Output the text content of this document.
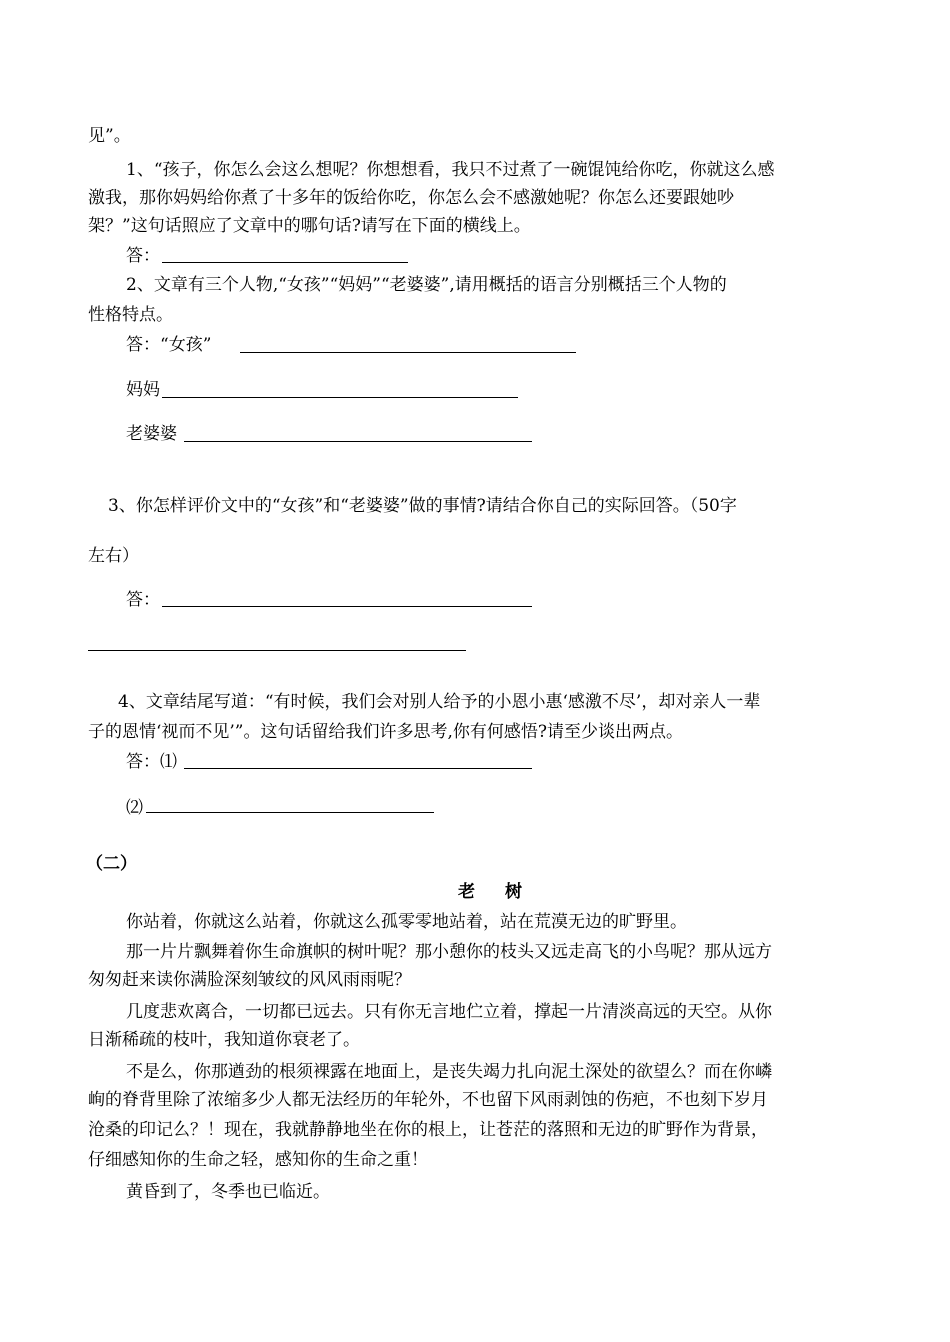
见”。
1、“孩子，你怎么会这么想呢？你想想看，我只不过煮了一碗馄饨给你吃，你就这么感
激我，那你妈妈给你煮了十多年的饭给你吃，你怎么会不感激她呢？你怎么还要跟她吵
架？”这句话照应了文章中的哪句话?请写在下面的横线上。
答：
2、文章有三个人物,“女孩”“妈妈”“老婆婆”,请用概括的语言分别概括三个人物的
性格特点。
答：“女孩”
妈妈
老婆婆
3、你怎样评价文中的“女孩”和“老婆婆”做的事情?请结合你自己的实际回答。（50字
左右）
答：
4、文章结尾写道：“有时候，我们会对别人给予的小恩小惠‘感激不尽’，却对亲人一辈
子的恩情‘视而不见’”。这句话留给我们许多思考,你有何感悟?请至少谈出两点。
答：⑴
⑵
（二）
老树
你站着，你就这么站着，你就这么孤零零地站着，站在荒漠无边的旷野里。
那一片片飘舞着你生命旗帜的树叶呢？那小憩你的枝头又远走高飞的小鸟呢？那从远方
匆匆赶来读你满脸深刻皱纹的风风雨雨呢？
几度悲欢离合，一切都已远去。只有你无言地伫立着，撑起一片清淡高远的天空。从你
日渐稀疏的枝叶，我知道你衰老了。
不是么，你那遒劲的根须裸露在地面上，是丧失竭力扎向泥土深处的欲望么？而在你嶙
峋的脊背里除了浓缩多少人都无法经历的年轮外，不也留下风雨剥蚀的伤疤，不也刻下岁月
沧桑的印记么？！现在，我就静静地坐在你的根上，让苍茫的落照和无边的旷野作为背景，
仔细感知你的生命之轻，感知你的生命之重！
黄昏到了，冬季也已临近。
